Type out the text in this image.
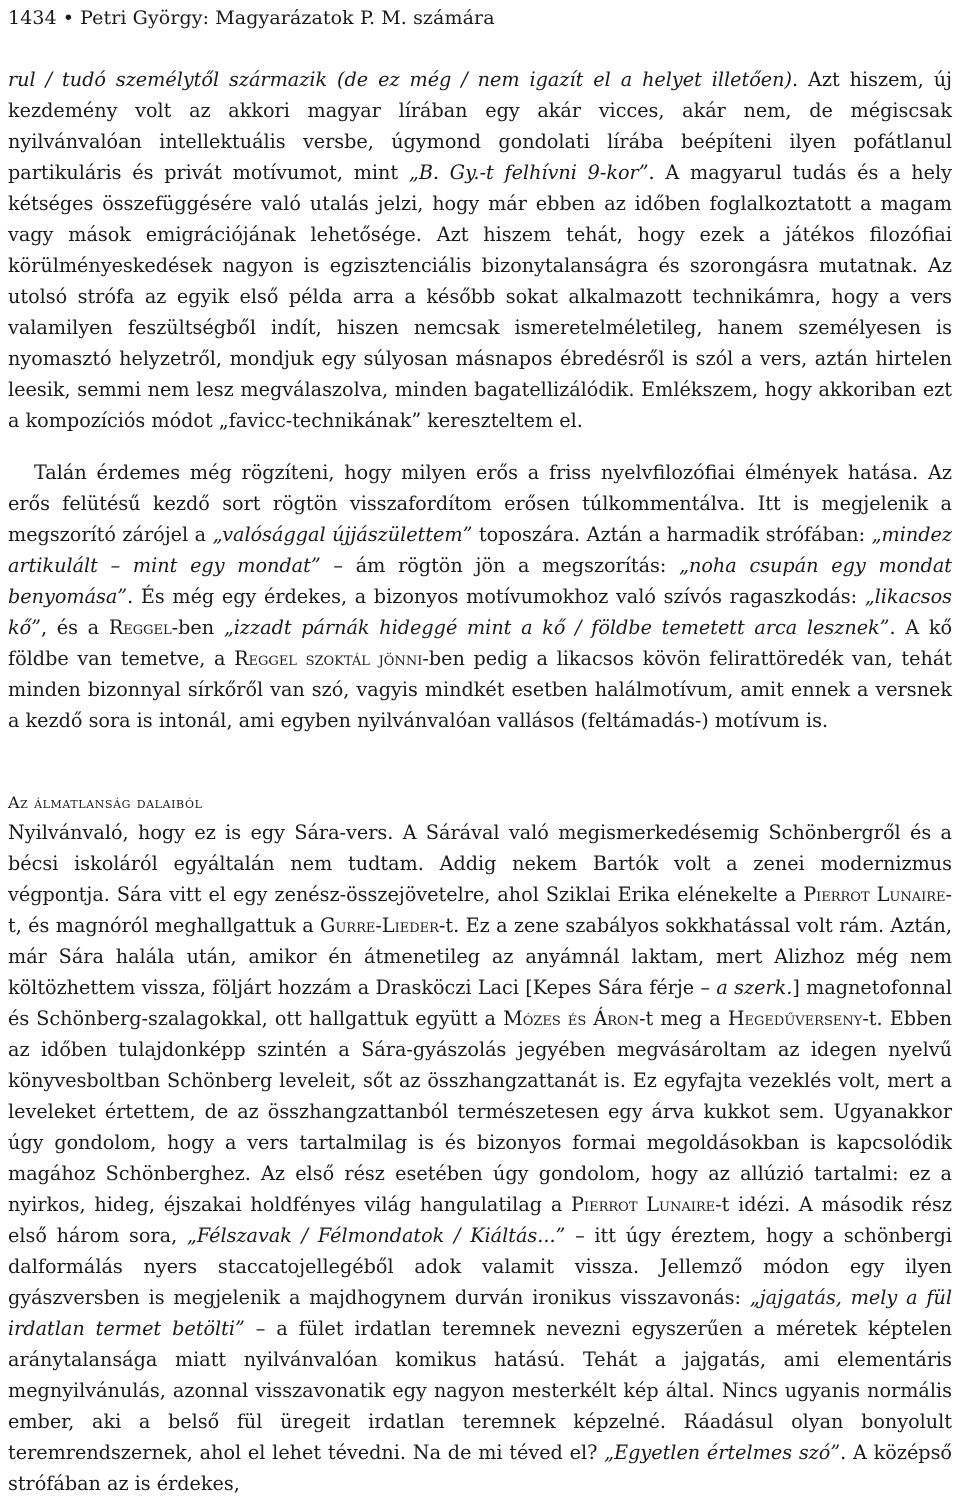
1434 • Petri György: Magyarázatok P. M. számára
rul / tudó személytől származik (de ez még / nem igazít el a helyet illetően). Azt hiszem, új kezdemény volt az akkori magyar lírában egy akár vicces, akár nem, de mégiscsak nyilvánvalóan intellektuális versbe, úgymond gondolati lírába beépíteni ilyen pofátlanul partikuláris és privát motívumot, mint „B. Gy.-t felhívni 9-kor”. A magyarul tudás és a hely kétséges összefüggésére való utalás jelzi, hogy már ebben az időben foglalkoztatott a magam vagy mások emigrációjának lehetősége. Azt hiszem tehát, hogy ezek a játékos filozófiai körülményeskedések nagyon is egzisztenciális bizonytalanságra és szorongásra mutatnak. Az utolsó strófa az egyik első példa arra a később sokat alkalmazott technikámra, hogy a vers valamilyen feszültségből indít, hiszen nemcsak ismeretelméletileg, hanem személyesen is nyomasztó helyzetről, mondjuk egy súlyosan másnapos ébredésről is szól a vers, aztán hirtelen leesik, semmi nem lesz megválaszolva, minden bagatellizálódik. Emlékszem, hogy akkoriban ezt a kompozíciós módot „favicc-technikának” kereszteltem el.
Talán érdemes még rögzíteni, hogy milyen erős a friss nyelvfilozófiai élmények hatása. Az erős felütésű kezdő sort rögtön visszafordítom erősen túlkommentálva. Itt is megjelenik a megszorító zárójel a „valósággal újjászülettem” toposzára. Aztán a harmadik strófában: „mindez artikulált – mint egy mondat” – ám rögtön jön a megszorítás: „noha csupán egy mondat benyomása”. És még egy érdekes, a bizonyos motívumokhoz való szívós ragaszkodás: „likacsos kő”, és a Reggel-ben „izzadt párnák hideggé mint a kő / földbe temetett arca lesznek”. A kő földbe van temetve, a Reggel szoktál jönni-ben pedig a likacsos kövön felirattöredék van, tehát minden bizonnyal sírkőről van szó, vagyis mindkét esetben halálmotívum, amit ennek a versnek a kezdő sora is intonál, ami egyben nyilvánvalóan vallásos (feltámadás-) motívum is.
Az álmatlanság dalaiból
Nyilvánvaló, hogy ez is egy Sára-vers. A Sárával való megismerkedésemig Schönbergről és a bécsi iskoláról egyáltalán nem tudtam. Addig nekem Bartók volt a zenei modernizmus végpontja. Sára vitt el egy zenész-összejövetelre, ahol Sziklai Erika elénekelte a Pierrot Lunaire-t, és magnóról meghallgattuk a Gurre-Lieder-t. Ez a zene szabályos sokkhatással volt rám. Aztán, már Sára halála után, amikor én átmenetileg az anyámnál laktam, mert Alizhoz még nem költözhettem vissza, följárt hozzám a Drasköczi Laci [Kepes Sára férje – a szerk.] magnetofonnal és Schönberg-szalagokkal, ott hallgattuk együtt a Mózes és Áron-t meg a Hegedűverseny-t. Ebben az időben tulajdonképp szintén a Sára-gyászolás jegyében megvásároltam az idegen nyelvű könyvesboltban Schönberg leveleit, sőt az összhangzattanát is. Ez egyfajta vezeklés volt, mert a leveleket értettem, de az összhangzattanból természetesen egy árva kukkot sem. Ugyanakkor úgy gondolom, hogy a vers tartalmilag is és bizonyos formai megoldásokban is kapcsolódik magához Schönberghez. Az első rész esetében úgy gondolom, hogy az allúzió tartalmi: ez a nyirkos, hideg, éjszakai holdfényes világ hangulatilag a Pierrot Lunaire-t idézi. A második rész első három sora, „Félszavak / Félmondatok / Kiáltás...” – itt úgy éreztem, hogy a schönbergi dalformálás nyers staccatojellegéből adok valamit vissza. Jellemző módon egy ilyen gyászversben is megjelenik a majdhogynem durván ironikus visszavonás: „jajgatás, mely a fül irdatlan termet betölti” – a fület irdatlan teremnek nevezni egyszerűen a méretek képtelen aránytalansága miatt nyilvánvalóan komikus hatású. Tehát a jajgatás, ami elementáris megnyilvánulás, azonnal visszavonatik egy nagyon mesterkélt kép által. Nincs ugyanis normális ember, aki a belső fül üregeit irdatlan teremnek képzelné. Ráadásul olyan bonyolult teremrendszernek, ahol el lehet tévedni. Na de mi téved el? „Egyetlen értelmes szó”. A középső strófában az is érdekes,
